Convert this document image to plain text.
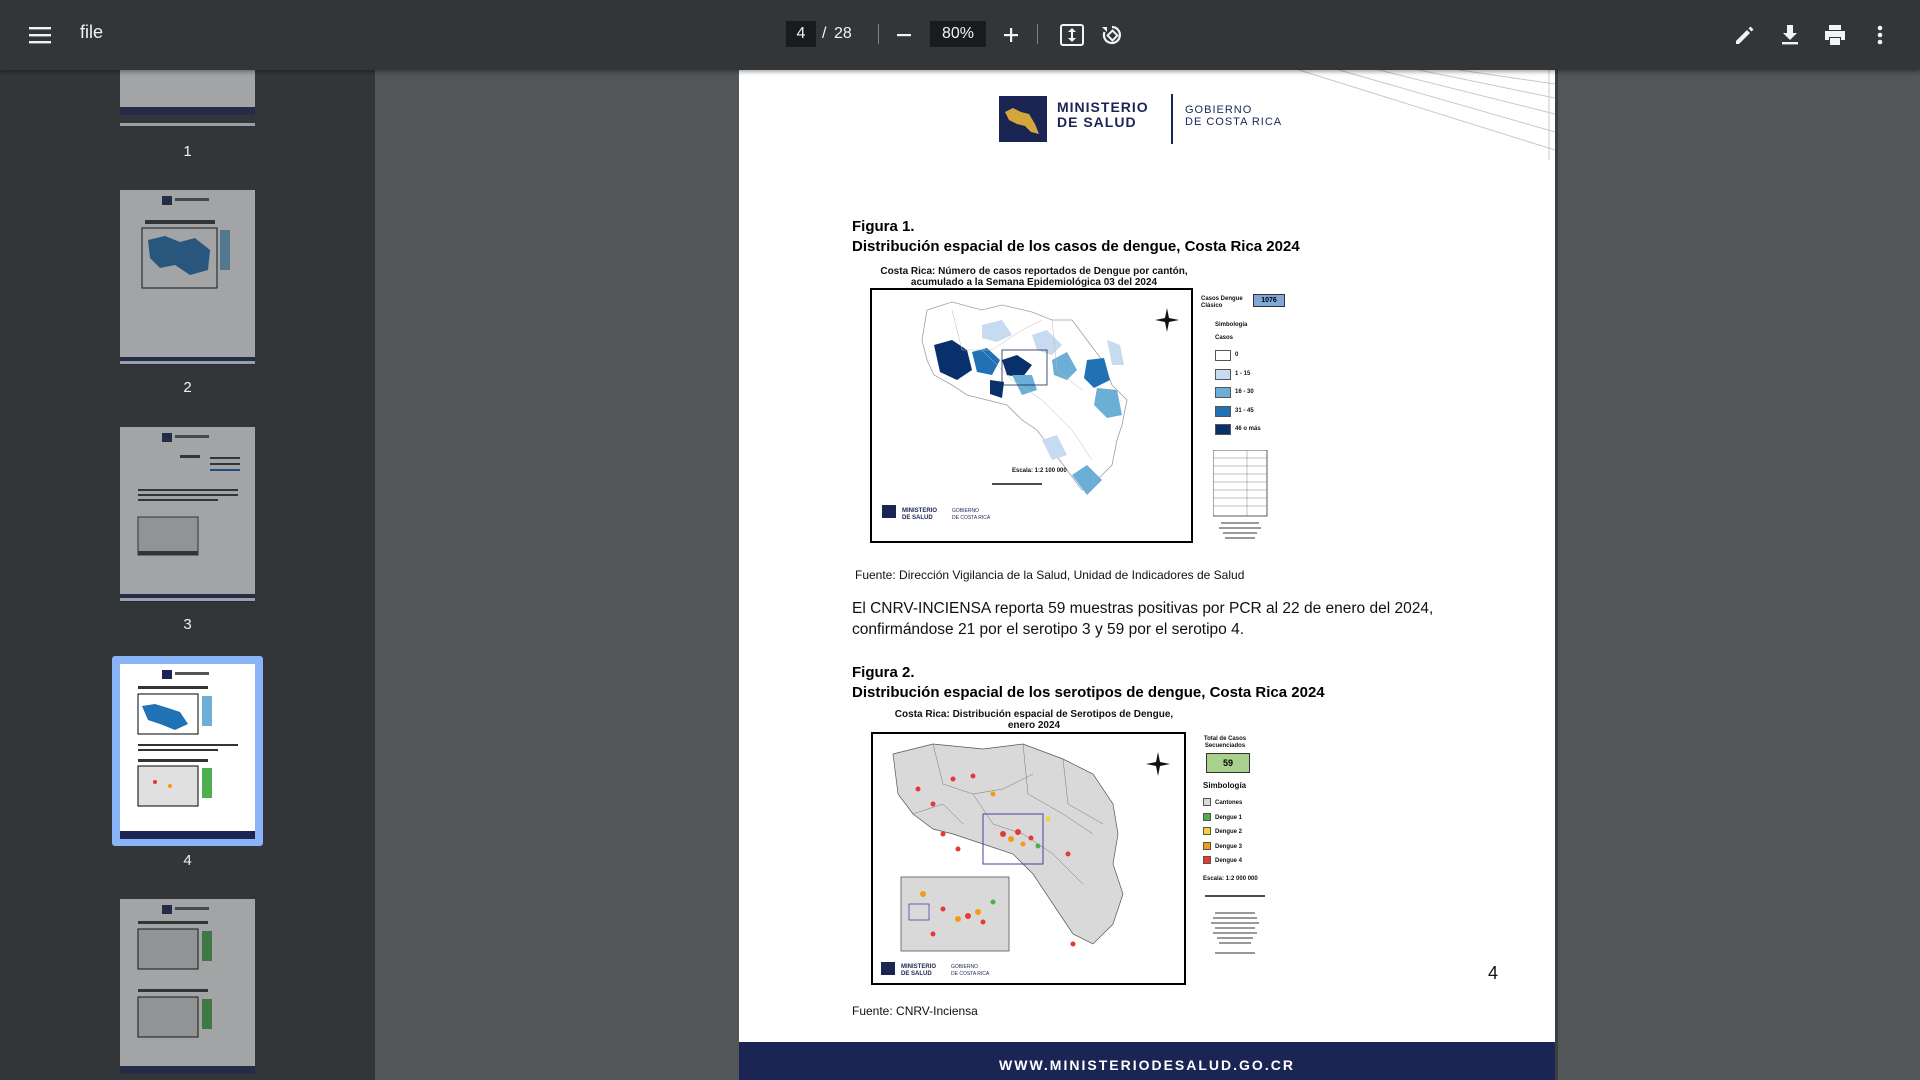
file
4	/ 28
80%
1
2
3
4
MINISTERIO
DE SALUD
GOBIERNO
DE COSTA RICA
Figura 1.
Distribución espacial de los casos de dengue, Costa Rica 2024
Costa Rica: Número de casos reportados de Dengue por cantón,
acumulado a la Semana Epidemiológica 03 del 2024
Escala: 1:2 100 000
MINISTERIO
DE SALUD
GOBIERNO
DE COSTA RICA
Casos Dengue
Clásico
1076
Simbología
Casos
0
1 - 15
16 - 30
31 - 45
46 o más
Fuente: Dirección Vigilancia de la Salud, Unidad de Indicadores de Salud
El CNRV-INCIENSA reporta 59 muestras positivas por PCR al 22 de enero del 2024, confirmándose 21 por el serotipo 3 y 59 por el serotipo 4.
Figura 2.
Distribución espacial de los serotipos de dengue, Costa Rica 2024
Costa Rica: Distribución espacial de Serotipos de Dengue,
enero 2024
MINISTERIO
DE SALUD
GOBIERNO
DE COSTA RICA
Total de Casos
Secuenciados
59
Simbología
Cantones
Dengue 1
Dengue 2
Dengue 3
Dengue 4
Escala: 1:2 000 000
Fuente: CNRV-Inciensa
4
WWW.MINISTERIODESALUD.GO.CR
